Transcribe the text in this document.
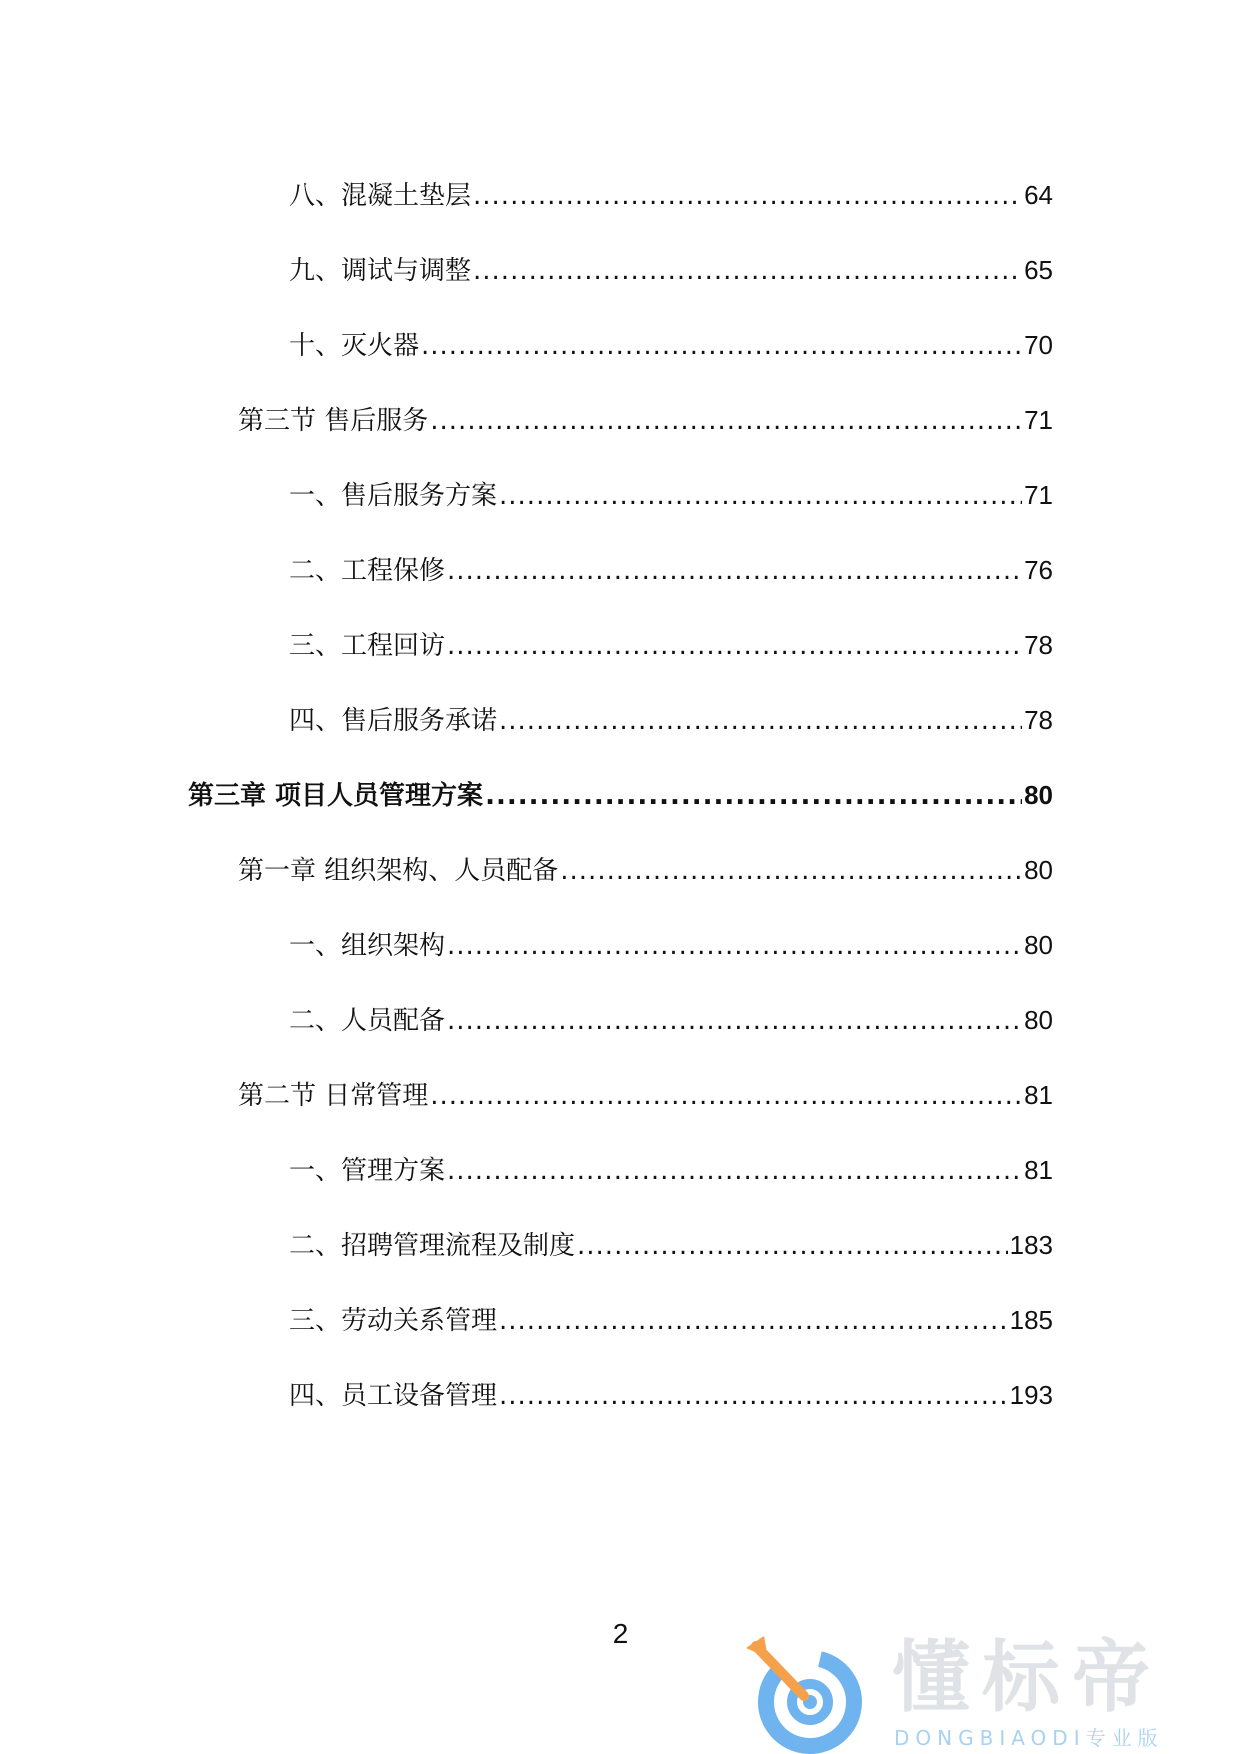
八、混凝土垫层 .....	64
九、调试与调整 .....	65
十、灭火器 .....	70
第三节 售后服务 .....	71
一、售后服务方案 .....	71
二、工程保修 .....	76
三、工程回访 .....	78
四、售后服务承诺 .....	78
第三章 项目人员管理方案 .....	80
第一章 组织架构、人员配备 .....	80
一、组织架构 .....	80
二、人员配备 .....	80
第二节 日常管理 .....	81
一、管理方案 .....	81
二、招聘管理流程及制度 .....	183
三、劳动关系管理 .....	185
四、员工设备管理 .....	193
2	懂标帝
DONGBIAODI专业版
